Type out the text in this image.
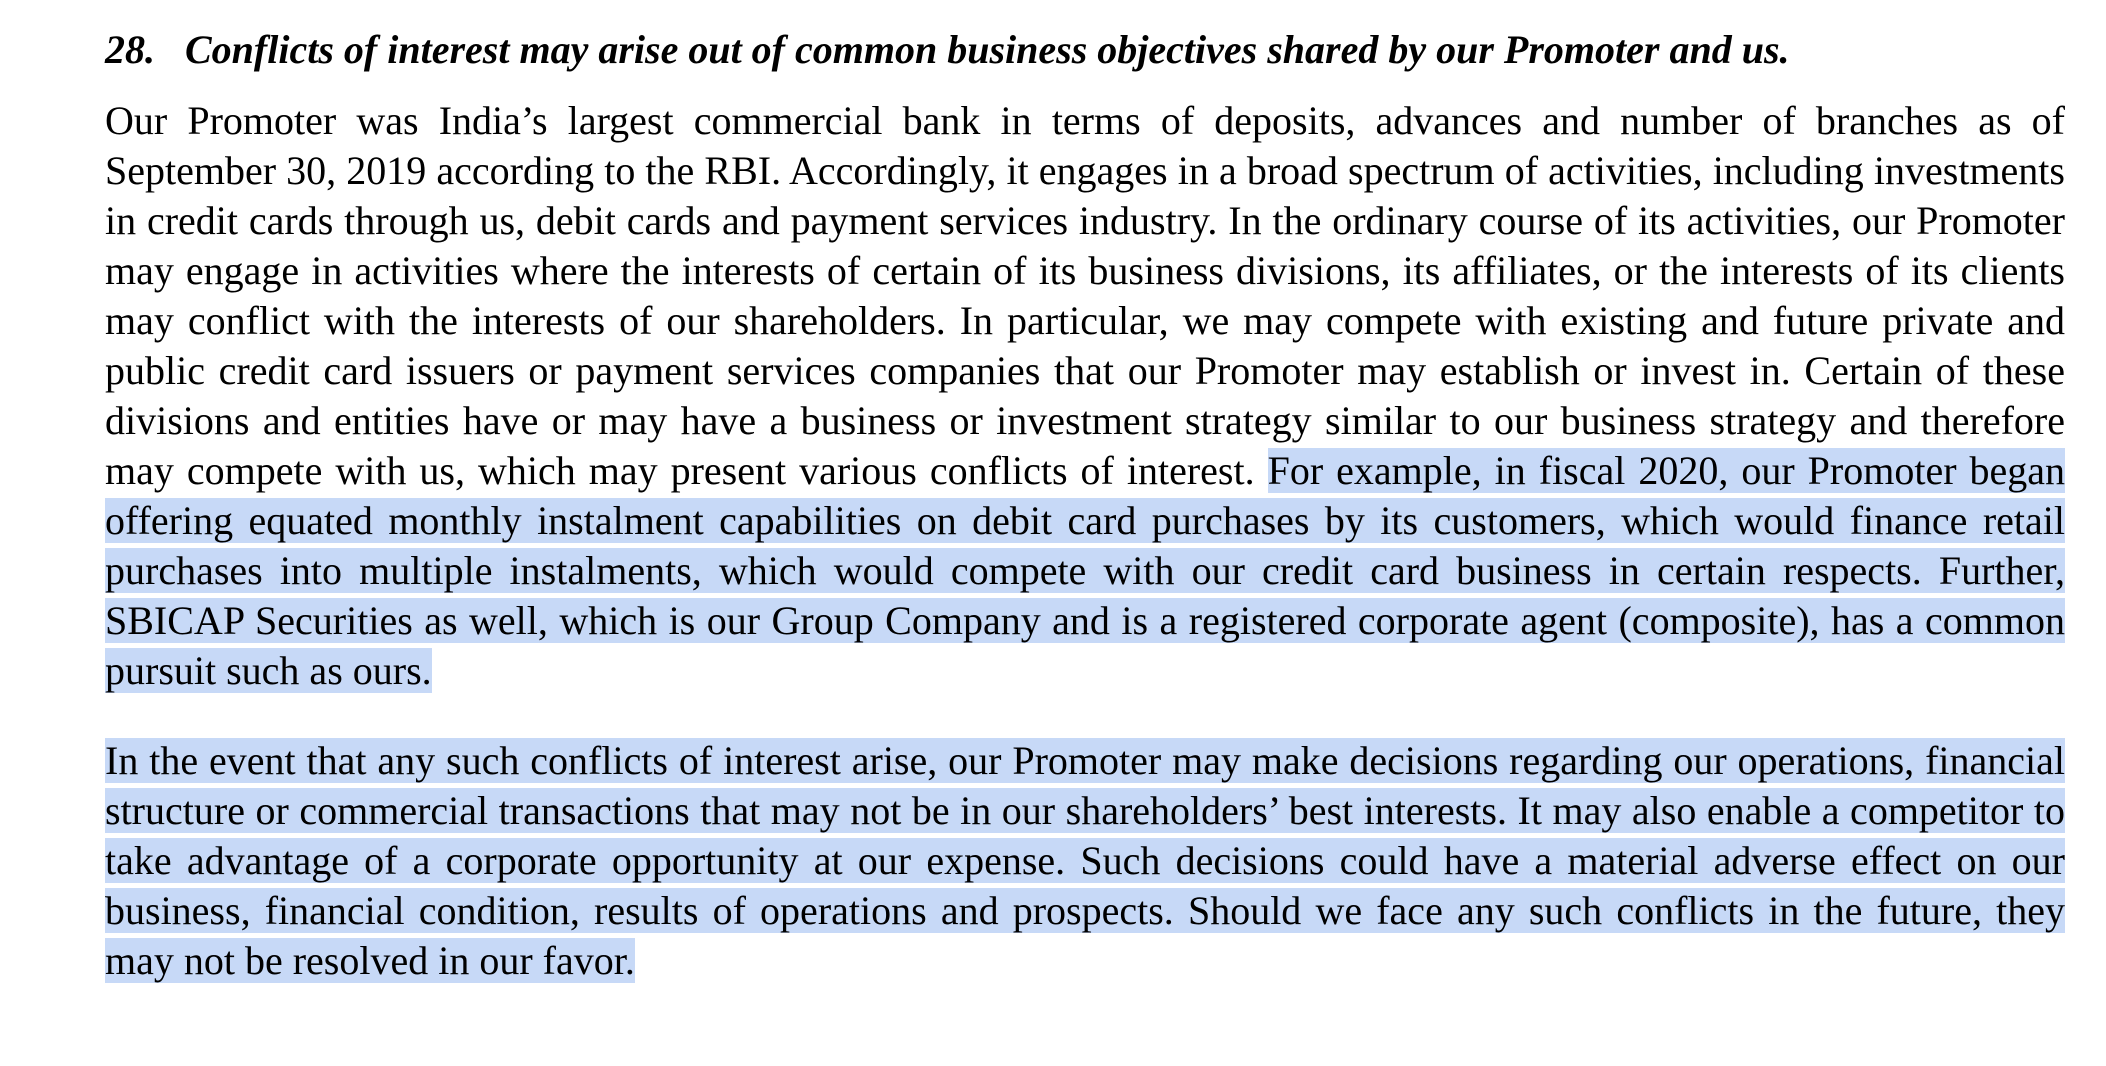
28. Conflicts of interest may arise out of common business objectives shared by our Promoter and us.

Our Promoter was India’s largest commercial bank in terms of deposits, advances and number of branches as of September 30, 2019 according to the RBI. Accordingly, it engages in a broad spectrum of activities, including investments in credit cards through us, debit cards and payment services industry. In the ordinary course of its activities, our Promoter may engage in activities where the interests of certain of its business divisions, its affiliates, or the interests of its clients may conflict with the interests of our shareholders. In particular, we may compete with existing and future private and public credit card issuers or payment services companies that our Promoter may establish or invest in. Certain of these divisions and entities have or may have a business or investment strategy similar to our business strategy and therefore may compete with us, which may present various conflicts of interest. For example, in fiscal 2020, our Promoter began offering equated monthly instalment capabilities on debit card purchases by its customers, which would finance retail purchases into multiple instalments, which would compete with our credit card business in certain respects. Further, SBICAP Securities as well, which is our Group Company and is a registered corporate agent (composite), has a common pursuit such as ours.

In the event that any such conflicts of interest arise, our Promoter may make decisions regarding our operations, financial structure or commercial transactions that may not be in our shareholders’ best interests. It may also enable a competitor to take advantage of a corporate opportunity at our expense. Such decisions could have a material adverse effect on our business, financial condition, results of operations and prospects. Should we face any such conflicts in the future, they may not be resolved in our favor.
